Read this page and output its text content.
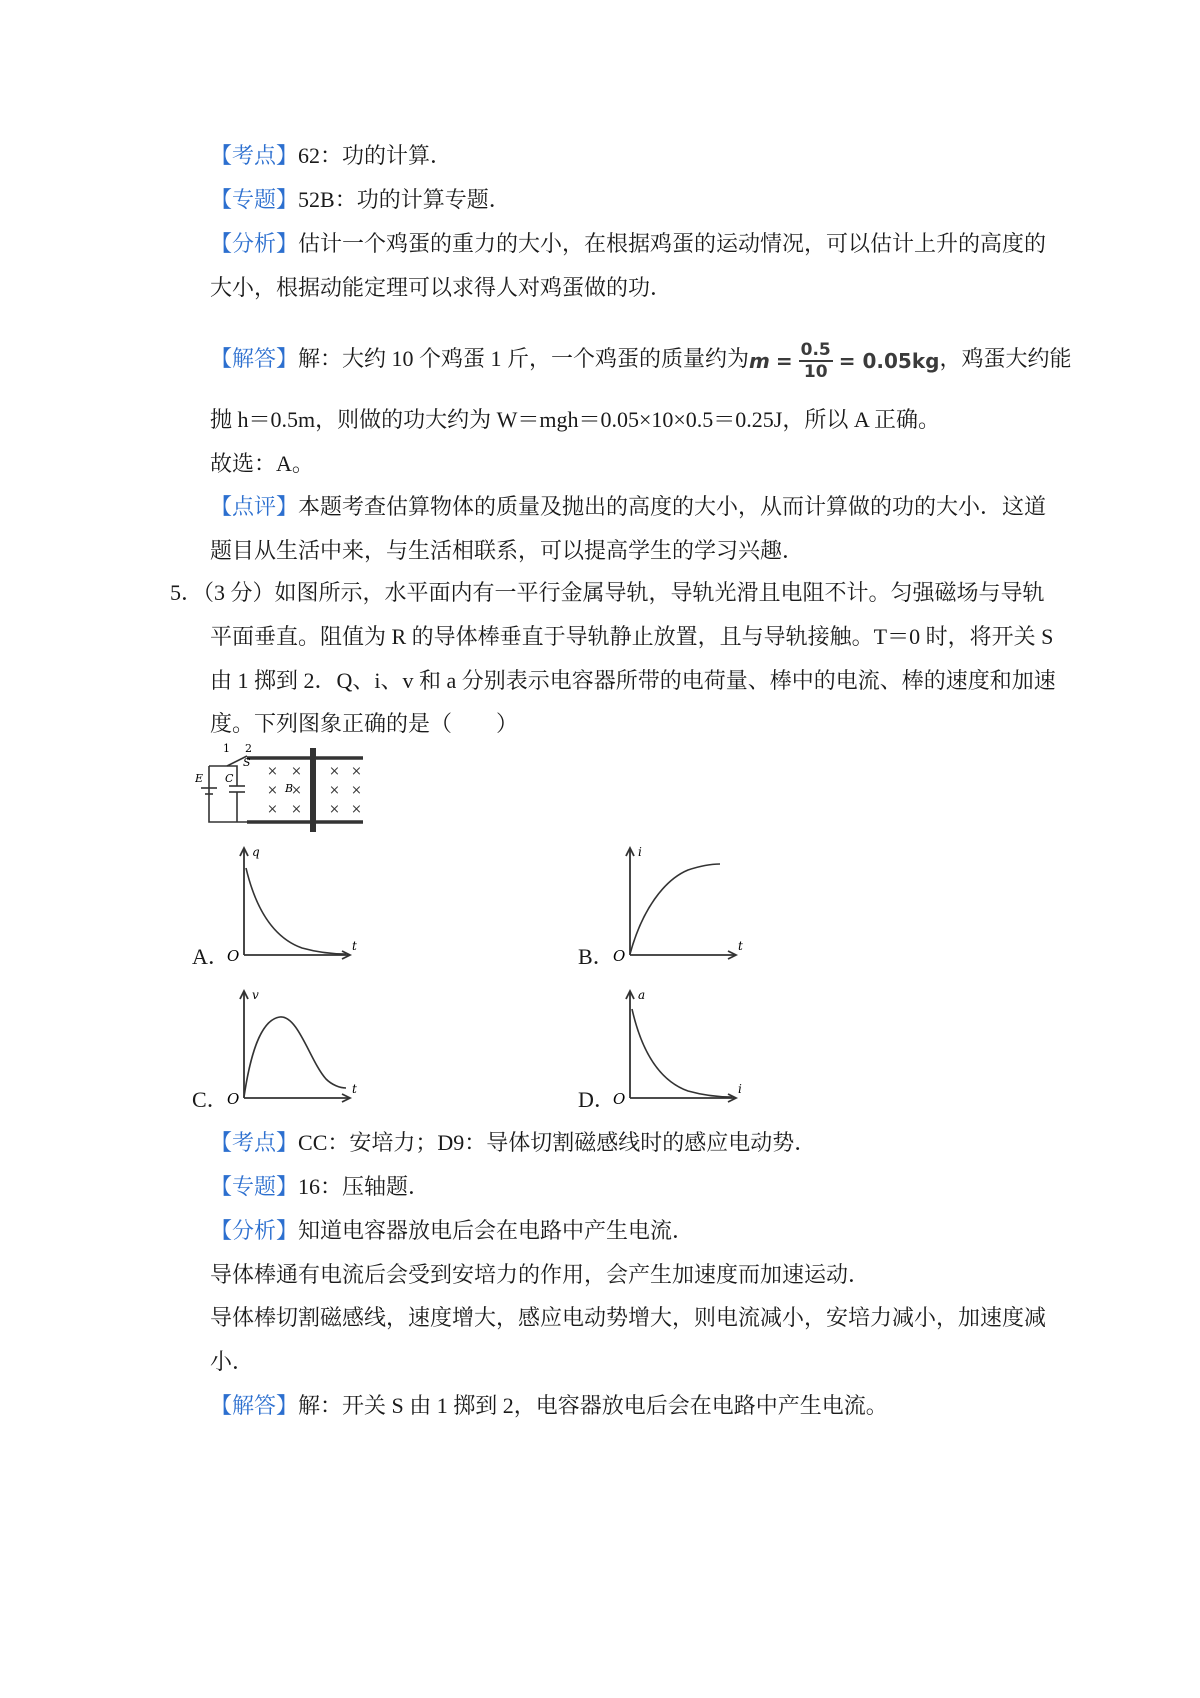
【考点】62：功的计算．
【专题】52B：功的计算专题．
【分析】估计一个鸡蛋的重力的大小，在根据鸡蛋的运动情况，可以估计上升的高度的
大小，根据动能定理可以求得人对鸡蛋做的功．
【解答】解：大约 10 个鸡蛋 1 斤，一个鸡蛋的质量约为 $m = \frac{0.5}{10} = 0.05kg$ ，鸡蛋大约能
抛 h＝0.5m，则做的功大约为 W＝mgh＝0.05×10×0.5＝0.25J，所以 A 正确。
故选：A。
【点评】本题考查估算物体的质量及抛出的高度的大小，从而计算做的功的大小．这道
题目从生活中来，与生活相联系，可以提高学生的学习兴趣．
5．（3 分）如图所示，水平面内有一平行金属导轨，导轨光滑且电阻不计。匀强磁场与导轨
平面垂直。阻值为 R 的导体棒垂直于导轨静止放置，且与导轨接触。T＝0 时，将开关 S
由 1 掷到 2．Q、i、v 和 a 分别表示电容器所带的电荷量、棒中的电流、棒的速度和加速
度。下列图象正确的是（　　）
1 2
S
E C
B
× × × ×
× × × ×
× × × ×
A．
q
t
O	B．
i
t
O
C．
v
t
O	D．
a
i
O
【考点】CC：安培力；D9：导体切割磁感线时的感应电动势．
【专题】16：压轴题．
【分析】知道电容器放电后会在电路中产生电流．
导体棒通有电流后会受到安培力的作用，会产生加速度而加速运动．
导体棒切割磁感线，速度增大，感应电动势增大，则电流减小，安培力减小，加速度减
小．
【解答】解：开关 S 由 1 掷到 2，电容器放电后会在电路中产生电流。
